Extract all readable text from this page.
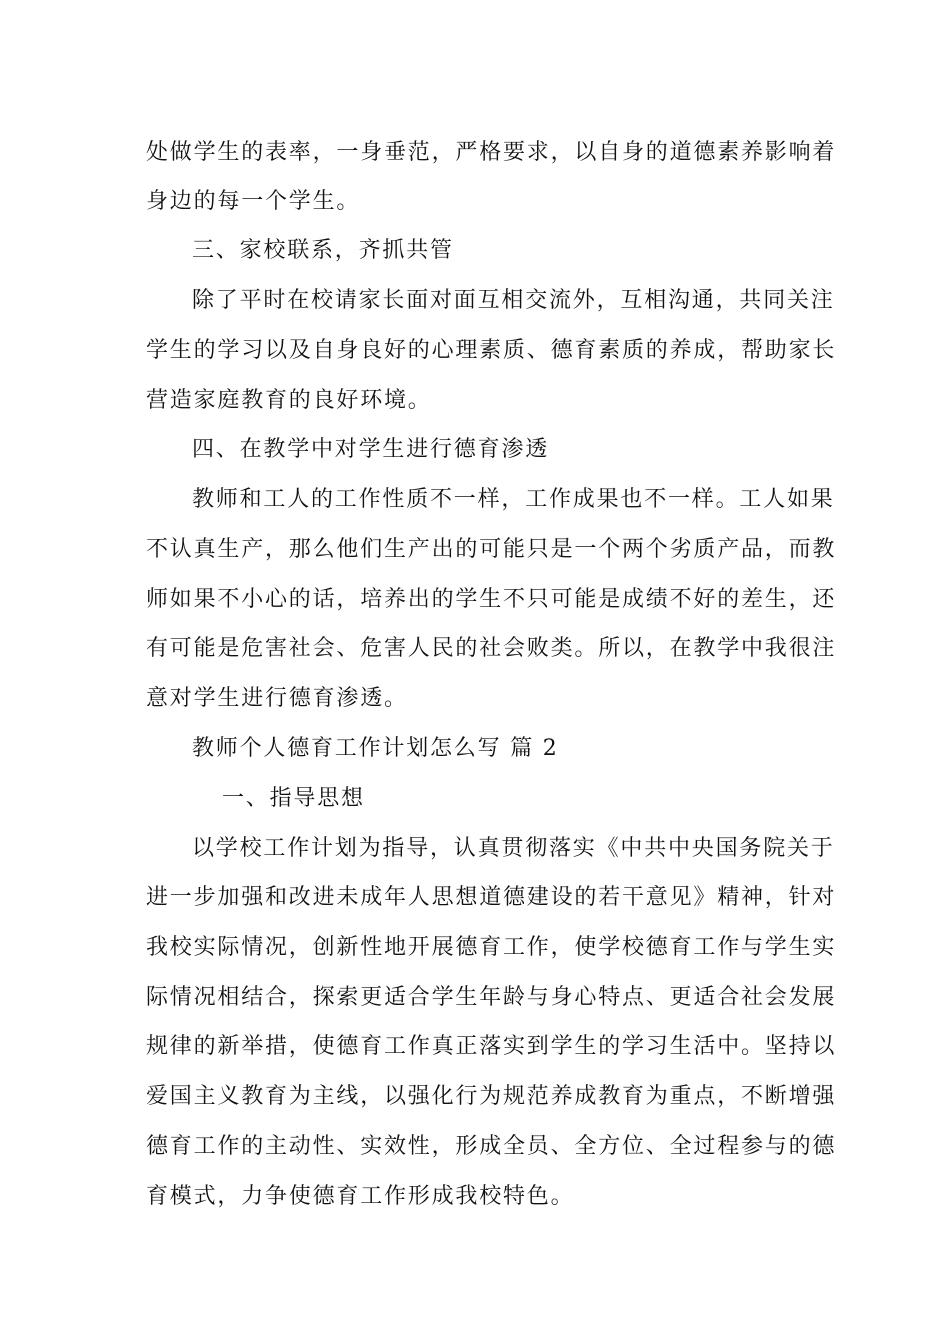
处做学生的表率，一身垂范，严格要求，以自身的道德素养影响着
身边的每一个学生。
三、家校联系，齐抓共管
除了平时在校请家长面对面互相交流外，互相沟通，共同关注
学生的学习以及自身良好的心理素质、德育素质的养成，帮助家长
营造家庭教育的良好环境。
四、在教学中对学生进行德育渗透
教师和工人的工作性质不一样，工作成果也不一样。工人如果
不认真生产，那么他们生产出的可能只是一个两个劣质产品，而教
师如果不小心的话，培养出的学生不只可能是成绩不好的差生，还
有可能是危害社会、危害人民的社会败类。所以，在教学中我很注
意对学生进行德育渗透。
教师个人德育工作计划怎么写 篇 2
一、指导思想
以学校工作计划为指导，认真贯彻落实《中共中央国务院关于
进一步加强和改进未成年人思想道德建设的若干意见》精神，针对
我校实际情况，创新性地开展德育工作，使学校德育工作与学生实
际情况相结合，探索更适合学生年龄与身心特点、更适合社会发展
规律的新举措，使德育工作真正落实到学生的学习生活中。坚持以
爱国主义教育为主线，以强化行为规范养成教育为重点，不断增强
德育工作的主动性、实效性，形成全员、全方位、全过程参与的德
育模式，力争使德育工作形成我校特色。
